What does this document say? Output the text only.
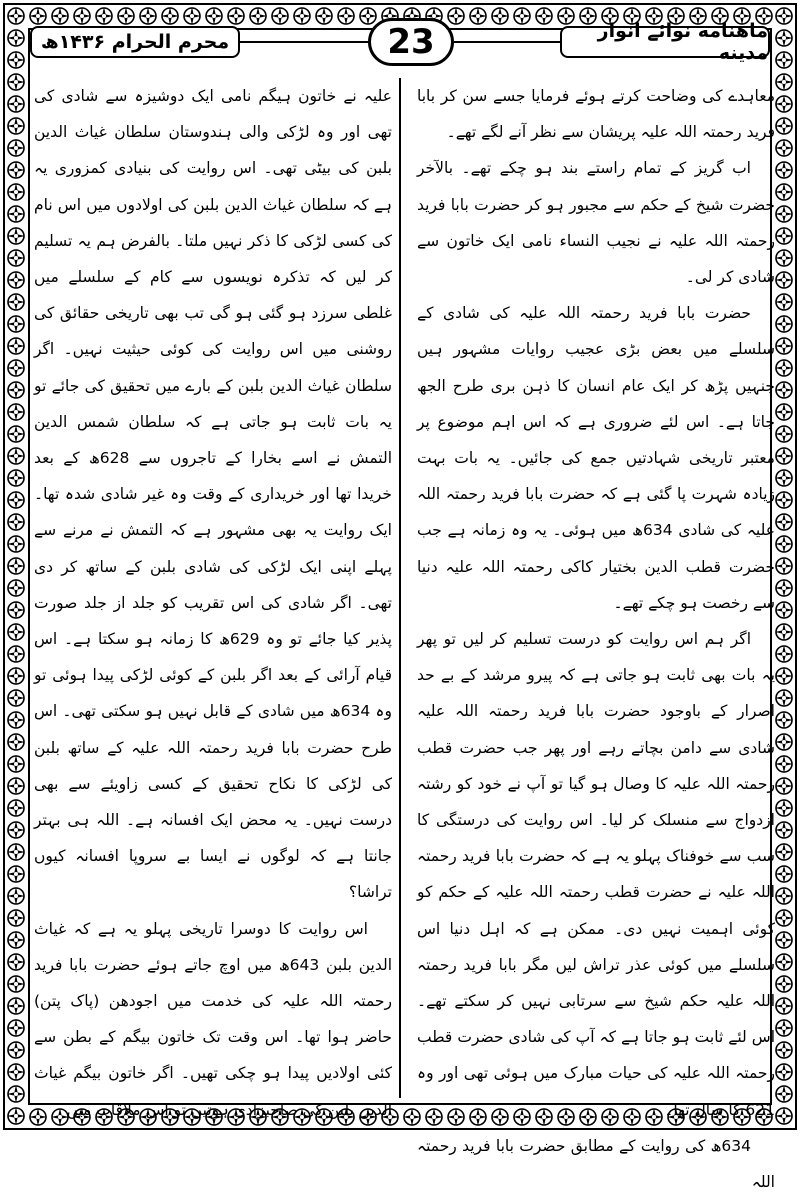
ماهنامه نوائے انوار مدینه
23
محرم الحرام ۱۴۳۶ھ

معاہدے کی وضاحت کرتے ہوئے فرمایا جسے سن کر بابا فرید رحمتہ اللہ علیہ پریشان سے نظر آنے لگے تھے۔

اب گریز کے تمام راستے بند ہو چکے تھے۔ بالآخر حضرت شیخ کے حکم سے مجبور ہو کر حضرت بابا فرید رحمتہ اللہ علیہ نے نجیب النساء نامی ایک خاتون سے شادی کر لی۔

حضرت بابا فرید رحمتہ اللہ علیہ کی شادی کے سلسلے میں بعض بڑی عجیب روایات مشہور ہیں جنہیں پڑھ کر ایک عام انسان کا ذہن بری طرح الجھ جاتا ہے۔ اس لئے ضروری ہے کہ اس اہم موضوع پر معتبر تاریخی شہادتیں جمع کی جائیں۔ یہ بات بہت زیادہ شہرت پا گئی ہے کہ حضرت بابا فرید رحمتہ اللہ علیہ کی شادی 634ھ میں ہوئی۔ یہ وہ زمانہ ہے جب حضرت قطب الدین بختیار کاکی رحمتہ اللہ علیہ دنیا سے رخصت ہو چکے تھے۔

اگر ہم اس روایت کو درست تسلیم کر لیں تو پھر یہ بات بھی ثابت ہو جاتی ہے کہ پیرو مرشد کے بے حد اصرار کے باوجود حضرت بابا فرید رحمتہ اللہ علیہ شادی سے دامن بچاتے رہے اور پھر جب حضرت قطب رحمتہ اللہ علیہ کا وصال ہو گیا تو آپ نے خود کو رشتہ ازدواج سے منسلک کر لیا۔ اس روایت کی درستگی کا سب سے خوفناک پہلو یہ ہے کہ حضرت بابا فرید رحمتہ اللہ علیہ نے حضرت قطب رحمتہ اللہ علیہ کے حکم کو کوئی اہمیت نہیں دی۔ ممکن ہے کہ اہل دنیا اس سلسلے میں کوئی عذر تراش لیں مگر بابا فرید رحمتہ اللہ علیہ حکم شیخ سے سرتابی نہیں کر سکتے تھے۔ اس لئے ثابت ہو جاتا ہے کہ آپ کی شادی حضرت قطب رحمتہ اللہ علیہ کی حیات مبارک میں ہوئی تھی اور وہ 621 کا سال تھا۔

634ھ کی روایت کے مطابق حضرت بابا فرید رحمتہ اللہ

علیہ نے خاتون ہیگم نامی ایک دوشیزہ سے شادی کی تھی اور وہ لڑکی والی ہندوستان سلطان غیاث الدین بلبن کی بیٹی تھی۔ اس روایت کی بنیادی کمزوری یہ ہے کہ سلطان غیاث الدین بلبن کی اولادوں میں اس نام کی کسی لڑکی کا ذکر نہیں ملتا۔ بالفرض ہم یہ تسلیم کر لیں کہ تذکرہ نویسوں سے کام کے سلسلے میں غلطی سرزد ہو گئی ہو گی تب بھی تاریخی حقائق کی روشنی میں اس روایت کی کوئی حیثیت نہیں۔ اگر سلطان غیاث الدین بلبن کے بارے میں تحقیق کی جائے تو یہ بات ثابت ہو جاتی ہے کہ سلطان شمس الدین التمش نے اسے بخارا کے تاجروں سے 628ھ کے بعد خریدا تھا اور خریداری کے وقت وہ غیر شادی شدہ تھا۔ ایک روایت یہ بھی مشہور ہے کہ التمش نے مرنے سے پہلے اپنی ایک لڑکی کی شادی بلبن کے ساتھ کر دی تھی۔ اگر شادی کی اس تقریب کو جلد از جلد صورت پذیر کیا جائے تو وہ 629ھ کا زمانہ ہو سکتا ہے۔ اس قیام آرائی کے بعد اگر بلبن کے کوئی لڑکی پیدا ہوئی تو وہ 634ھ میں شادی کے قابل نہیں ہو سکتی تھی۔ اس طرح حضرت بابا فرید رحمتہ اللہ علیہ کے ساتھ بلبن کی لڑکی کا نکاح تحقیق کے کسی زاویئے سے بھی درست نہیں۔ یہ محض ایک افسانہ ہے۔ اللہ ہی بہتر جانتا ہے کہ لوگوں نے ایسا بے سروپا افسانہ کیوں تراشا؟

اس روایت کا دوسرا تاریخی پہلو یہ ہے کہ غیاث الدین بلبن 643ھ میں اوچ جاتے ہوئے حضرت بابا فرید رحمتہ اللہ علیہ کی خدمت میں اجودھن (پاک پتن) حاضر ہوا تھا۔ اس وقت تک خاتون بیگم کے بطن سے کئی اولادیں پیدا ہو چکی تھیں۔ اگر خاتون بیگم غیاث الدین بلبن کی صاحبزادی ہوتیں تو اس ملاقات میں
